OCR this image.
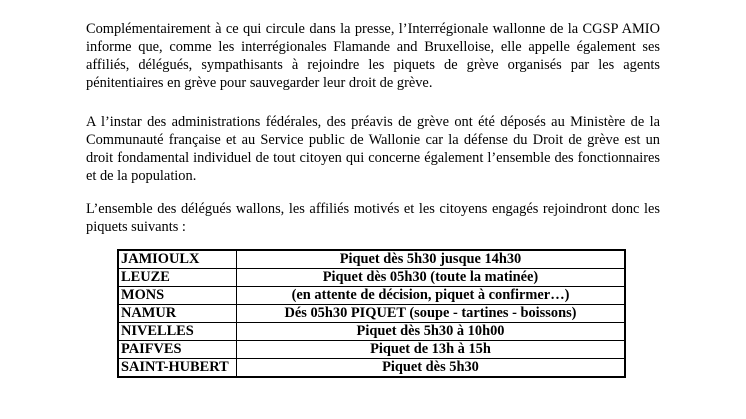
Complémentairement à ce qui circule dans la presse, l’Interrégionale wallonne de la CGSP AMIO informe que, comme les interrégionales Flamande and Bruxelloise, elle appelle également ses affiliés, délégués, sympathisants à rejoindre les piquets de grève organisés par les agents pénitentiaires en grève pour sauvegarder leur droit de grève.

A l’instar des administrations fédérales, des préavis de grève ont été déposés au Ministère de la Communauté française et au Service public de Wallonie car la défense du Droit de grève est un droit fondamental individuel de tout citoyen qui concerne également l’ensemble des fonctionnaires et de la population.

L’ensemble des délégués wallons, les affiliés motivés et les citoyens engagés rejoindront donc les piquets suivants :

JAMIOULX	Piquet dès 5h30 jusque 14h30
LEUZE	Piquet dès 05h30 (toute la matinée)
MONS	(en attente de décision, piquet à confirmer…)
NAMUR	Dés 05h30 PIQUET (soupe - tartines - boissons)
NIVELLES	Piquet dès 5h30 à 10h00
PAIFVES	Piquet de 13h à 15h
SAINT-HUBERT	Piquet dès 5h30
